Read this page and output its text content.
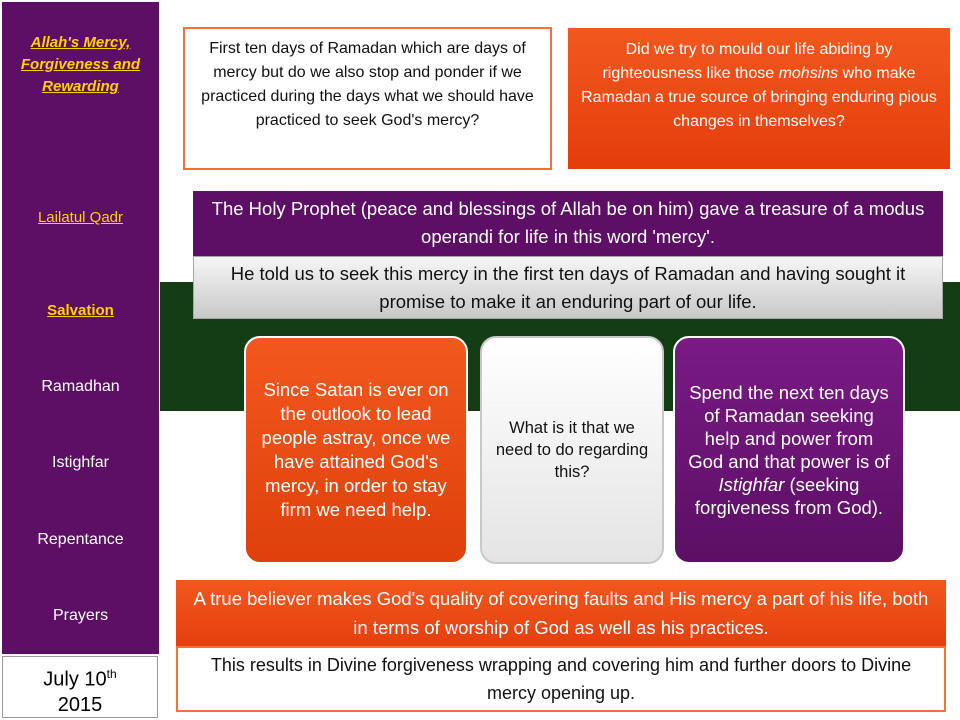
Allah's Mercy, Forgiveness and Rewarding
Lailatul Qadr
Salvation
Ramadhan
Istighfar
Repentance
Prayers
July 10th
2015
First ten days of Ramadan which are days of mercy but do we also stop and ponder if we practiced during the days what we should have practiced to seek God's mercy?
Did we try to mould our life abiding by righteousness like those mohsins who make Ramadan a true source of bringing enduring pious changes in themselves?
The Holy Prophet (peace and blessings of Allah be on him) gave a treasure of a modus operandi for life in this word 'mercy'.
He told us to seek this mercy in the first ten days of Ramadan and having sought it promise to make it an enduring part of our life.
Since Satan is ever on the outlook to lead people astray, once we have attained God's mercy, in order to stay firm we need help.
What is it that we need to do regarding this?
Spend the next ten days of Ramadan seeking help and power from God and that power is of Istighfar (seeking forgiveness from God).
A true believer makes God's quality of covering faults and His mercy a part of his life, both in terms of worship of God as well as his practices.
This results in Divine forgiveness wrapping and covering him and further doors to Divine mercy opening up.
